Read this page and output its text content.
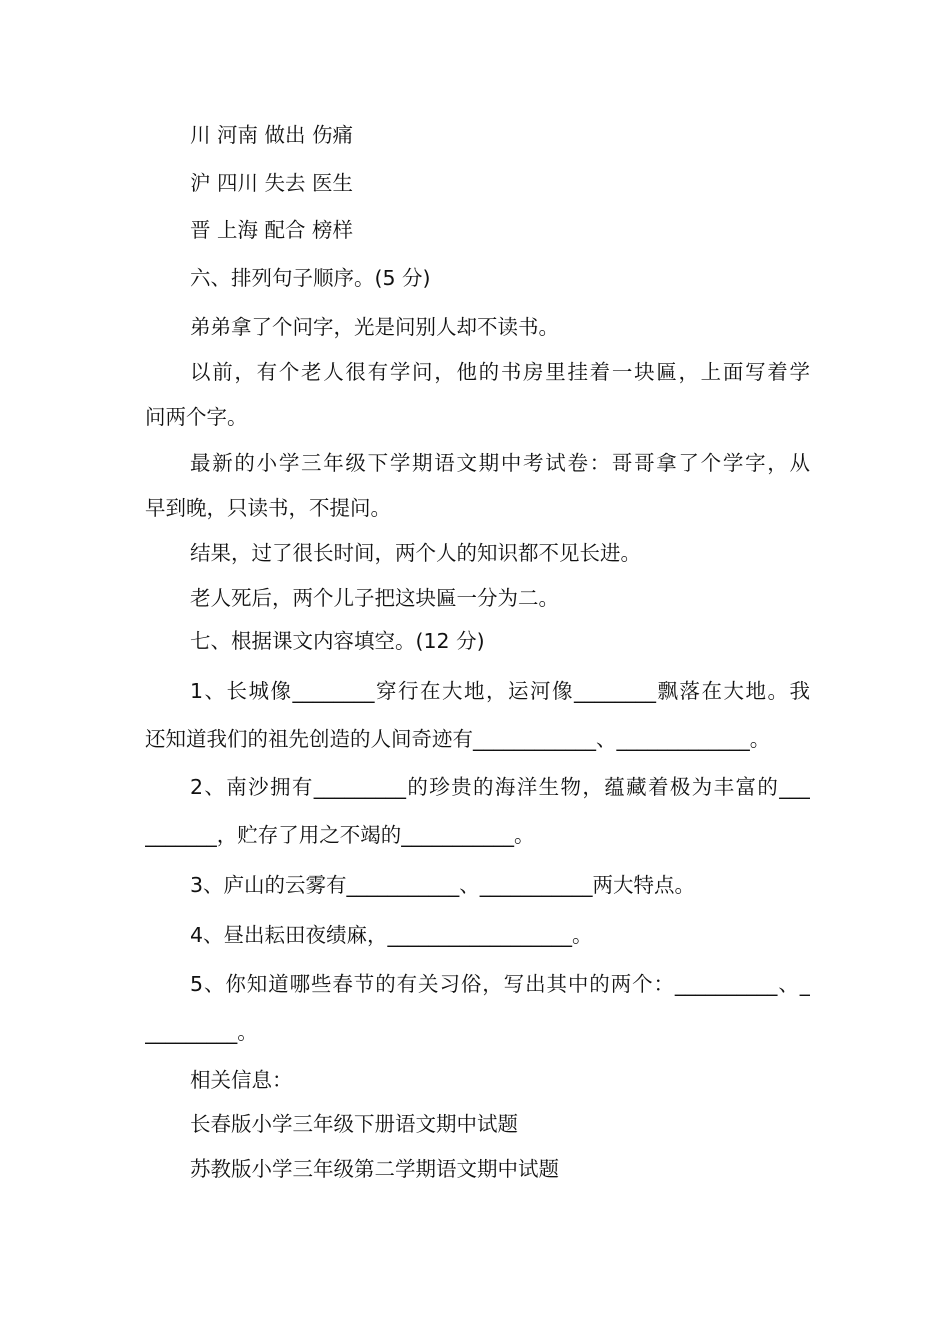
川 河南 做出 伤痛
沪 四川 失去 医生
晋 上海 配合 榜样
六、排列句子顺序。(5 分)
弟弟拿了个问字，光是问别人却不读书。
以前，有个老人很有学问，他的书房里挂着一块匾，上面写着学
问两个字。
最新的小学三年级下学期语文期中考试卷：哥哥拿了个学字，从
早到晚，只读书，不提问。
结果，过了很长时间，两个人的知识都不见长进。
老人死后，两个儿子把这块匾一分为二。
七、根据课文内容填空。(12 分)
1、长城像________穿行在大地，运河像________飘落在大地。我
还知道我们的祖先创造的人间奇迹有____________、_____________。
2、南沙拥有_________的珍贵的海洋生物，蕴藏着极为丰富的___
_______，贮存了用之不竭的___________。
3、庐山的云雾有___________、___________两大特点。
4、昼出耘田夜绩麻，__________________。
5、你知道哪些春节的有关习俗，写出其中的两个：__________、_
_________。
相关信息：
长春版小学三年级下册语文期中试题
苏教版小学三年级第二学期语文期中试题
